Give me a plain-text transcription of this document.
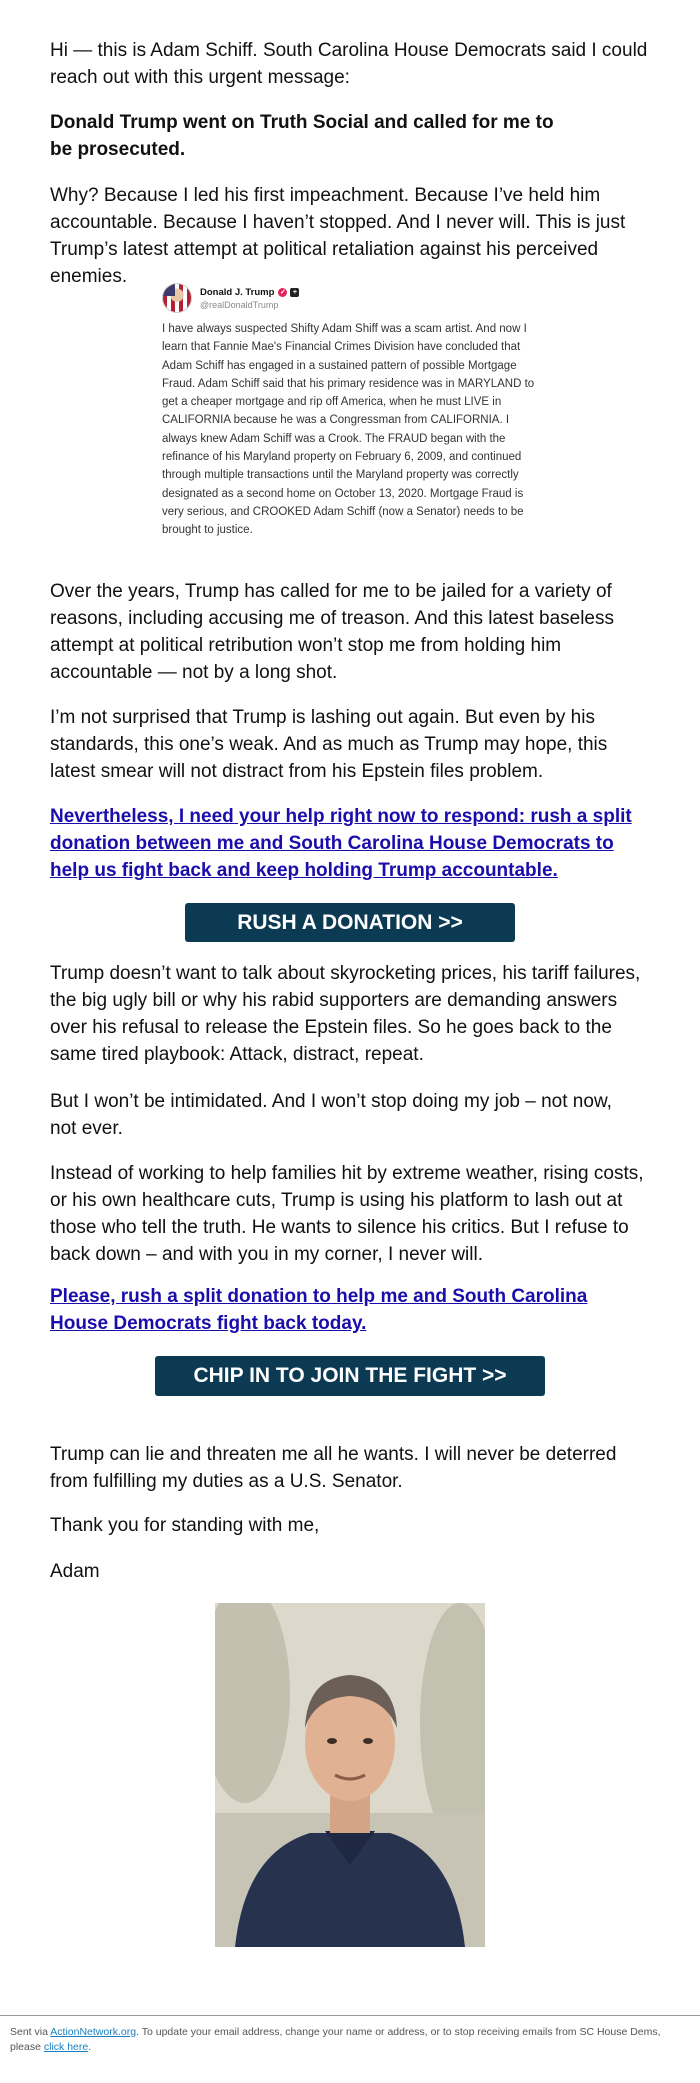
Hi — this is Adam Schiff. South Carolina House Democrats said I could reach out with this urgent message:

Donald Trump went on Truth Social and called for me to be prosecuted.

Why? Because I led his first impeachment. Because I’ve held him accountable. Because I haven’t stopped. And I never will. This is just Trump’s latest attempt at political retaliation against his perceived enemies.

Over the years, Trump has called for me to be jailed for a variety of reasons, including accusing me of treason. And this latest baseless attempt at political retribution won’t stop me from holding him accountable — not by a long shot.

I’m not surprised that Trump is lashing out again. But even by his standards, this one’s weak. And as much as Trump may hope, this latest smear will not distract from his Epstein files problem.

Nevertheless, I need your help right now to respond: rush a split donation between me and South Carolina House Democrats to help us fight back and keep holding Trump accountable.

Trump doesn’t want to talk about skyrocketing prices, his tariff failures, the big ugly bill or why his rabid supporters are demanding answers over his refusal to release the Epstein files. So he goes back to the same tired playbook: Attack, distract, repeat.

But I won’t be intimidated. And I won’t stop doing my job – not now, not ever.

Instead of working to help families hit by extreme weather, rising costs, or his own healthcare cuts, Trump is using his platform to lash out at those who tell the truth. He wants to silence his critics. But I refuse to back down – and with you in my corner, I never will.

Please, rush a split donation to help me and South Carolina House Democrats fight back today.

Trump can lie and threaten me all he wants. I will never be deterred from fulfilling my duties as a U.S. Senator.

Thank you for standing with me,

Adam

Donald J. Trump ✓	+
@realDonaldTrump
I have always suspected Shifty Adam Shiff was a scam artist. And now I learn that Fannie Mae's Financial Crimes Division have concluded that Adam Schiff has engaged in a sustained pattern of possible Mortgage Fraud. Adam Schiff said that his primary residence was in MARYLAND to get a cheaper mortgage and rip off America, when he must LIVE in CALIFORNIA because he was a Congressman from CALIFORNIA. I always knew Adam Schiff was a Crook. The FRAUD began with the refinance of his Maryland property on February 6, 2009, and continued through multiple transactions until the Maryland property was correctly designated as a second home on October 13, 2020. Mortgage Fraud is very serious, and CROOKED Adam Schiff (now a Senator) needs to be brought to justice.
RUSH A DONATION >>
CHIP IN TO JOIN THE FIGHT >>
Sent via ActionNetwork.org. To update your email address, change your name or address, or to stop receiving emails from SC House Dems, please click here.
